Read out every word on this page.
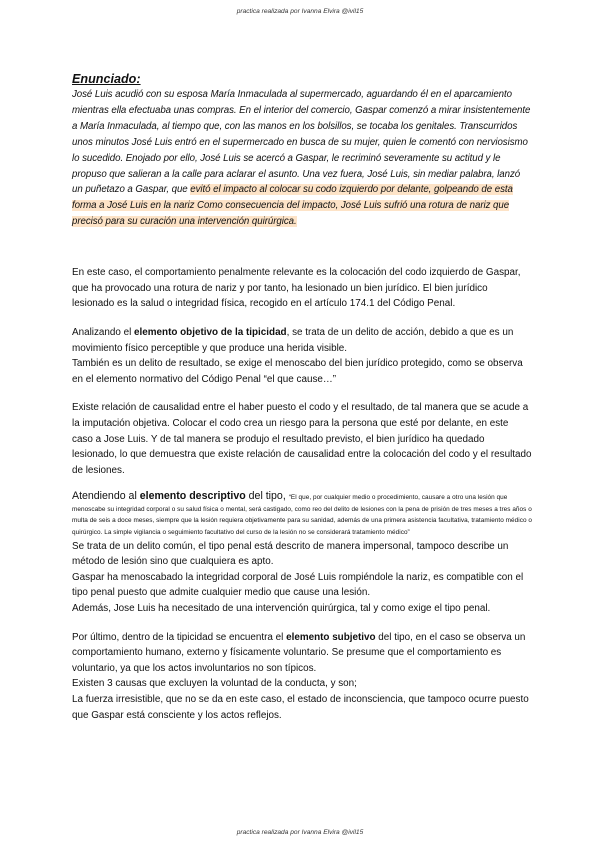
practica realizada por Ivanna Elvira @ivil15
Enunciado:

José Luis acudió con su esposa María Inmaculada al supermercado, aguardando él en el aparcamiento mientras ella efectuaba unas compras. En el interior del comercio, Gaspar comenzó a mirar insistentemente a María Inmaculada, al tiempo que, con las manos en los bolsillos, se tocaba los genitales. Transcurridos unos minutos José Luis entró en el supermercado en busca de su mujer, quien le comentó con nerviosismo lo sucedido. Enojado por ello, José Luis se acercó a Gaspar, le recriminó severamente su actitud y le propuso que salieran a la calle para aclarar el asunto. Una vez fuera, José Luis, sin mediar palabra, lanzó un puñetazo a Gaspar, que evitó el impacto al colocar su codo izquierdo por delante, golpeando de esta forma a José Luis en la nariz Como consecuencia del impacto, José Luis sufrió una rotura de nariz que precisó para su curación una intervención quirúrgica.

En este caso, el comportamiento penalmente relevante es la colocación del codo izquierdo de Gaspar, que ha provocado una rotura de nariz y por tanto, ha lesionado un bien jurídico. El bien jurídico lesionado es la salud o integridad física, recogido en el artículo 174.1 del Código Penal.

Analizando el elemento objetivo de la tipicidad, se trata de un delito de acción, debido a que es un movimiento físico perceptible y que produce una herida visible.

También es un delito de resultado, se exige el menoscabo del bien jurídico protegido, como se observa en el elemento normativo del Código Penal “el que cause…”

Existe relación de causalidad entre el haber puesto el codo y el resultado, de tal manera que se acude a la imputación objetiva. Colocar el codo crea un riesgo para la persona que esté por delante, en este caso a Jose Luis. Y de tal manera se produjo el resultado previsto, el bien jurídico ha quedado lesionado, lo que demuestra que existe relación de causalidad entre la colocación del codo y el resultado de lesiones.

Atendiendo al elemento descriptivo del tipo, “El que, por cualquier medio o procedimiento, causare a otro una lesión que menoscabe su integridad corporal o su salud física o mental, será castigado, como reo del delito de lesiones con la pena de prisión de tres meses a tres años o multa de seis a doce meses, siempre que la lesión requiera objetivamente para su sanidad, además de una primera asistencia facultativa, tratamiento médico o quirúrgico. La simple vigilancia o seguimiento facultativo del curso de la lesión no se considerará tratamiento médico”

Se trata de un delito común, el tipo penal está descrito de manera impersonal, tampoco describe un método de lesión sino que cualquiera es apto.

Gaspar ha menoscabado la integridad corporal de José Luis rompiéndole la nariz, es compatible con el tipo penal puesto que admite cualquier medio que cause una lesión.

Además, Jose Luis ha necesitado de una intervención quirúrgica, tal y como exige el tipo penal.

Por último, dentro de la tipicidad se encuentra el elemento subjetivo del tipo, en el caso se observa un comportamiento humano, externo y físicamente voluntario. Se presume que el comportamiento es voluntario, ya que los actos involuntarios no son típicos.

Existen 3 causas que excluyen la voluntad de la conducta, y son;

La fuerza irresistible, que no se da en este caso, el estado de inconsciencia, que tampoco ocurre puesto que Gaspar está consciente y los actos reflejos.

practica realizada por Ivanna Elvira @ivil15
